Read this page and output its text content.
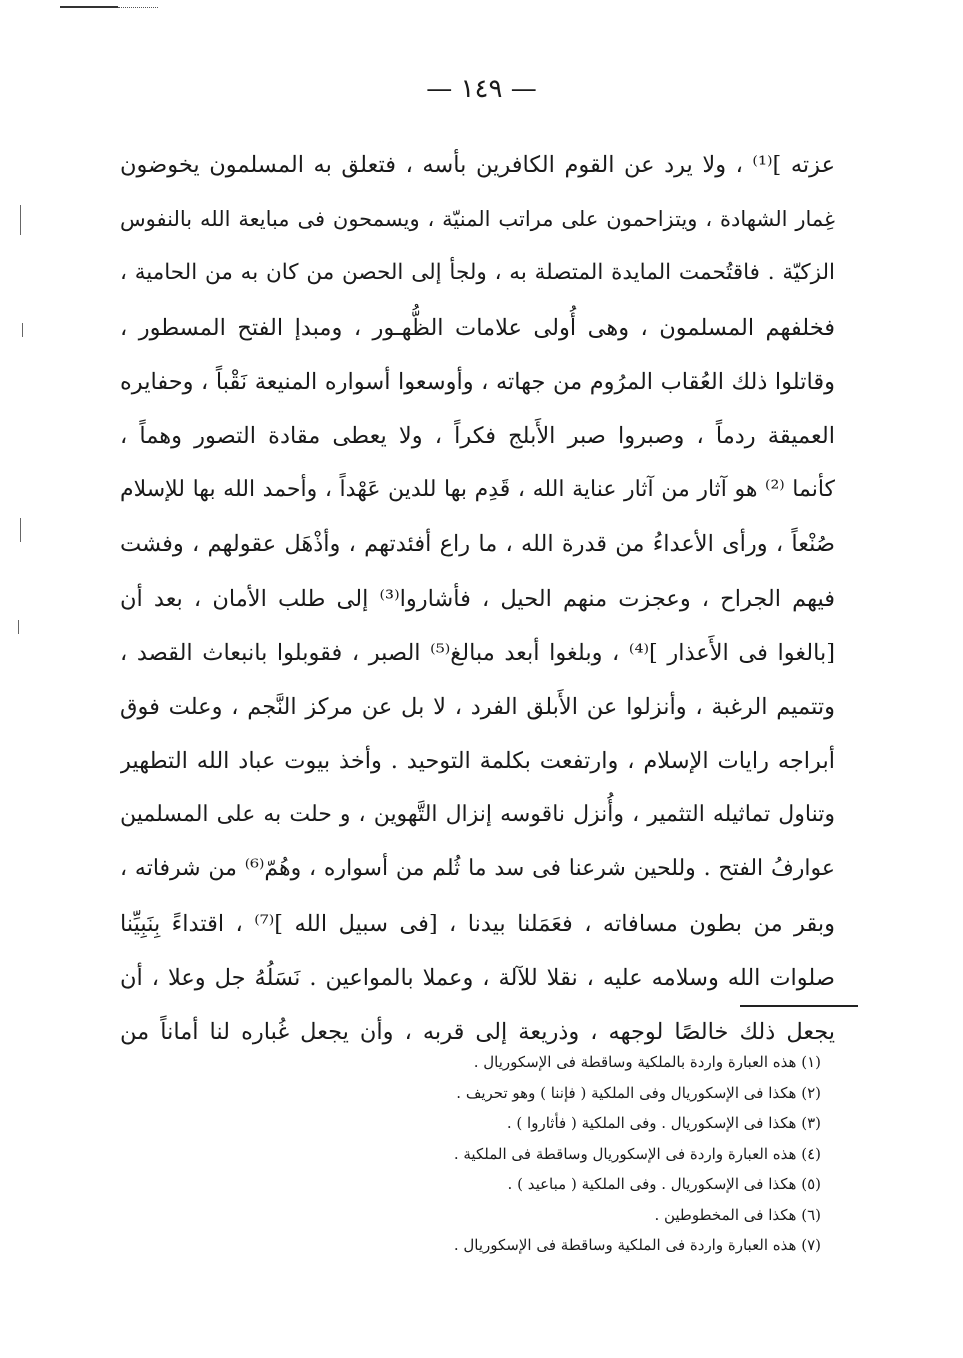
— ١٤٩ —
عزته ]⁽¹⁾ ، ولا يرد عن القوم الكافرين بأسه ، فتعلق به المسلمون يخوضون
غِمار الشهادة ، ويتزاحمون على مراتب المنيّة ، ويسمحون فى مبايعة الله بالنفوس
الزكيّة . فاقتُحمت المايدة المتصلة به ، ولجأ إلى الحصن من كان به من الحامية ،
فخلفهم المسلمون ، وهى أُولى علامات الظُّهـور ، ومبدإ الفتح المسطور ،
وقاتلوا ذلك العُقاب المرُوم من جهاته ، وأوسعوا أسواره المنيعة نَقْباً ، وحفايره
العميقة ردماً ، وصبروا صبر الأَبلج فكراً ، ولا يعطى مقادة التصور وهماً ،
كأنما ⁽²⁾ هو آثار من آثار عناية الله ، قَدِم بها للدين عَهْداً ، وأحمد الله بها للإسلام
صُنْعاً ، ورأى الأعداءُ من قدرة الله ، ما راع أفئدتهم ، وأذْهَل عقولهم ، وفشت
فيهم الجراح ، وعجزت منهم الحيل ، فأشاروا⁽³⁾ إلى طلب الأمان ، بعد أن
[بالغوا فى الأَعذار ]⁽⁴⁾ ، وبلغوا أبعد مبالغ⁽⁵⁾ الصبر ، فقوبلوا بانبعاث القصد ،
وتتميم الرغبة ، وأنزلوا عن الأَبلق الفرد ، لا بل عن مركز النَّجم ، وعلت فوق
أبراجه رايات الإسلام ، وارتفعت بكلمة التوحيد . وأخذ بيوت عباد الله التطهير
وتناول تماثيله التثمير ، وأُنزل ناقوسه إنزال التَّهوين ، و حلت به على المسلمين
عوارفُ الفتح . وللحين شرعنا فى سد ما ثُلم من أسواره ، وهُمّ⁽⁶⁾ من شرفاته ،
وبقر من بطون مسافاته ، فعَمَلنا بيدنا ، [فى سبيل الله ]⁽⁷⁾ ، اقتداءً بِنَبِيِّنا
صلوات الله وسلامه عليه ، نقلا للآلة ، وعملا بالمواعين . نَسَلُهُ جل وعلا ، أن
يجعل ذلك خالصًا لوجهه ، وذريعة إلى قربه ، وأن يجعل غُباره لنا أماناً من
(١) هذه العبارة واردة بالملكية وساقطة فى الإسكوريال .
(٢) هكذا فى الإسكوريال وفى الملكية ( فإننا ) وهو تحريف .
(٣) هكذا فى الإسكوريال . وفى الملكية ( فأثاروا ) .
(٤) هذه العبارة واردة فى الإسكوريال وساقطة فى الملكية .
(٥) هكذا فى الإسكوريال . وفى الملكية ( مباعيد ) .
(٦) هكذا فى المخطوطين .
(٧) هذه العبارة واردة فى الملكية وساقطة فى الإسكوريال .
